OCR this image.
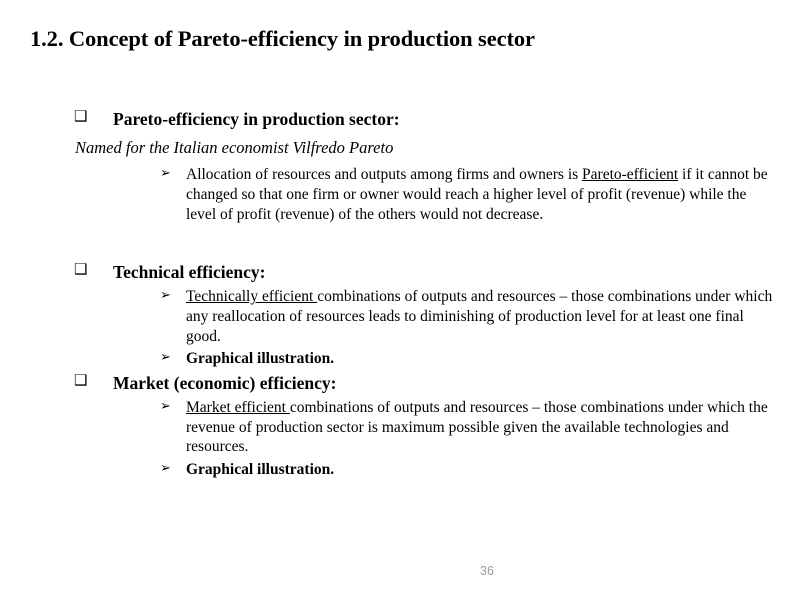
1.2. Concept of Pareto-efficiency in production sector
❑ Pareto-efficiency in production sector:
Named for the Italian economist Vilfredo Pareto
➢ Allocation of resources and outputs among firms and owners is Pareto-efficient if it cannot be changed so that one firm or owner would reach a higher level of profit (revenue) while the level of profit (revenue) of the others would not decrease.
❑ Technical efficiency:
➢ Technically efficient combinations of outputs and resources – those combinations under which any reallocation of resources leads to diminishing of production level for at least one final good.
➢ Graphical illustration.
❑ Market (economic) efficiency:
➢ Market efficient combinations of outputs and resources – those combinations under which the revenue of production sector is maximum possible given the available technologies and resources.
➢ Graphical illustration.
36
